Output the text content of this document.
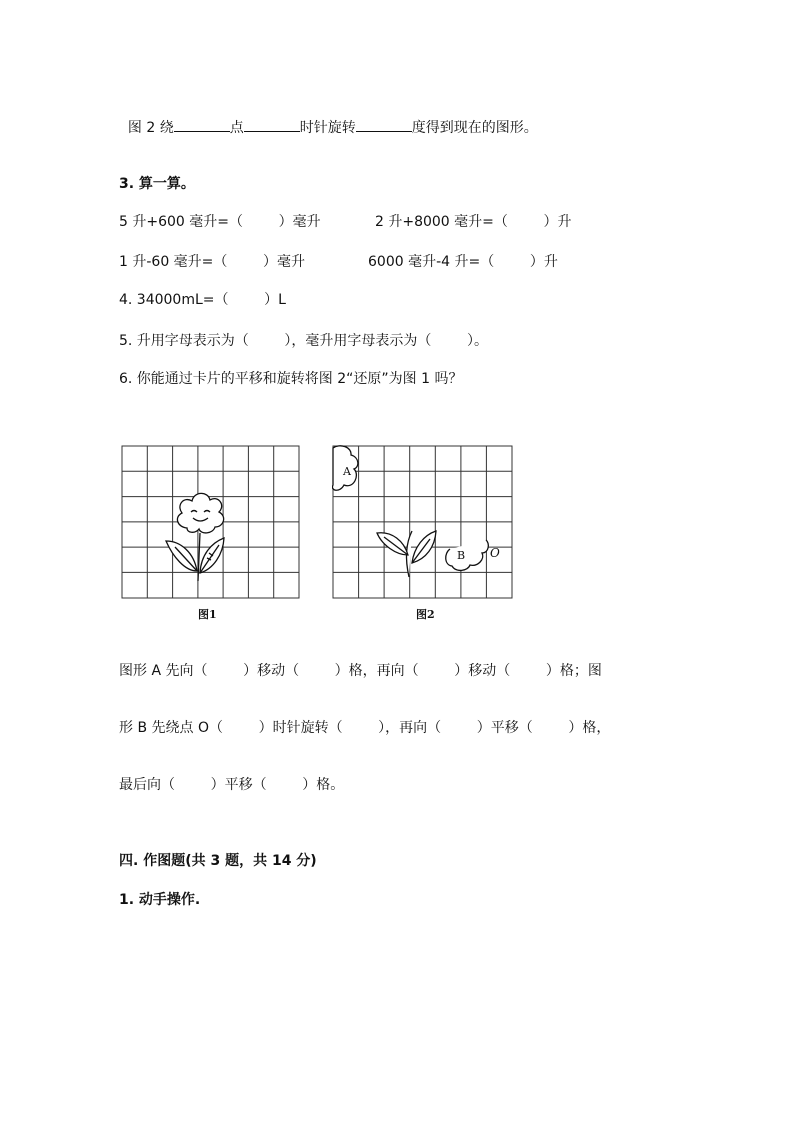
图 2 绕	点	时针旋转	度得到现在的图形。

3. 算一算。
5 升+600 毫升=（        ）毫升	2 升+8000 毫升=（        ）升
1 升-60 毫升=（        ）毫升	6000 毫升-4 升=（        ）升
4. 34000mL=（        ）L
5. 升用字母表示为（        ），毫升用字母表示为（        ）。
6. 你能通过卡片的平移和旋转将图 2“还原”为图 1 吗？
图1
A
B O
图2
图形 A 先向（        ）移动（        ）格，再向（        ）移动（        ）格；图
形 B 先绕点 O（        ）时针旋转（        ），再向（        ）平移（        ）格，
最后向（        ）平移（        ）格。
四. 作图题(共 3 题，共 14 分)
1. 动手操作.
